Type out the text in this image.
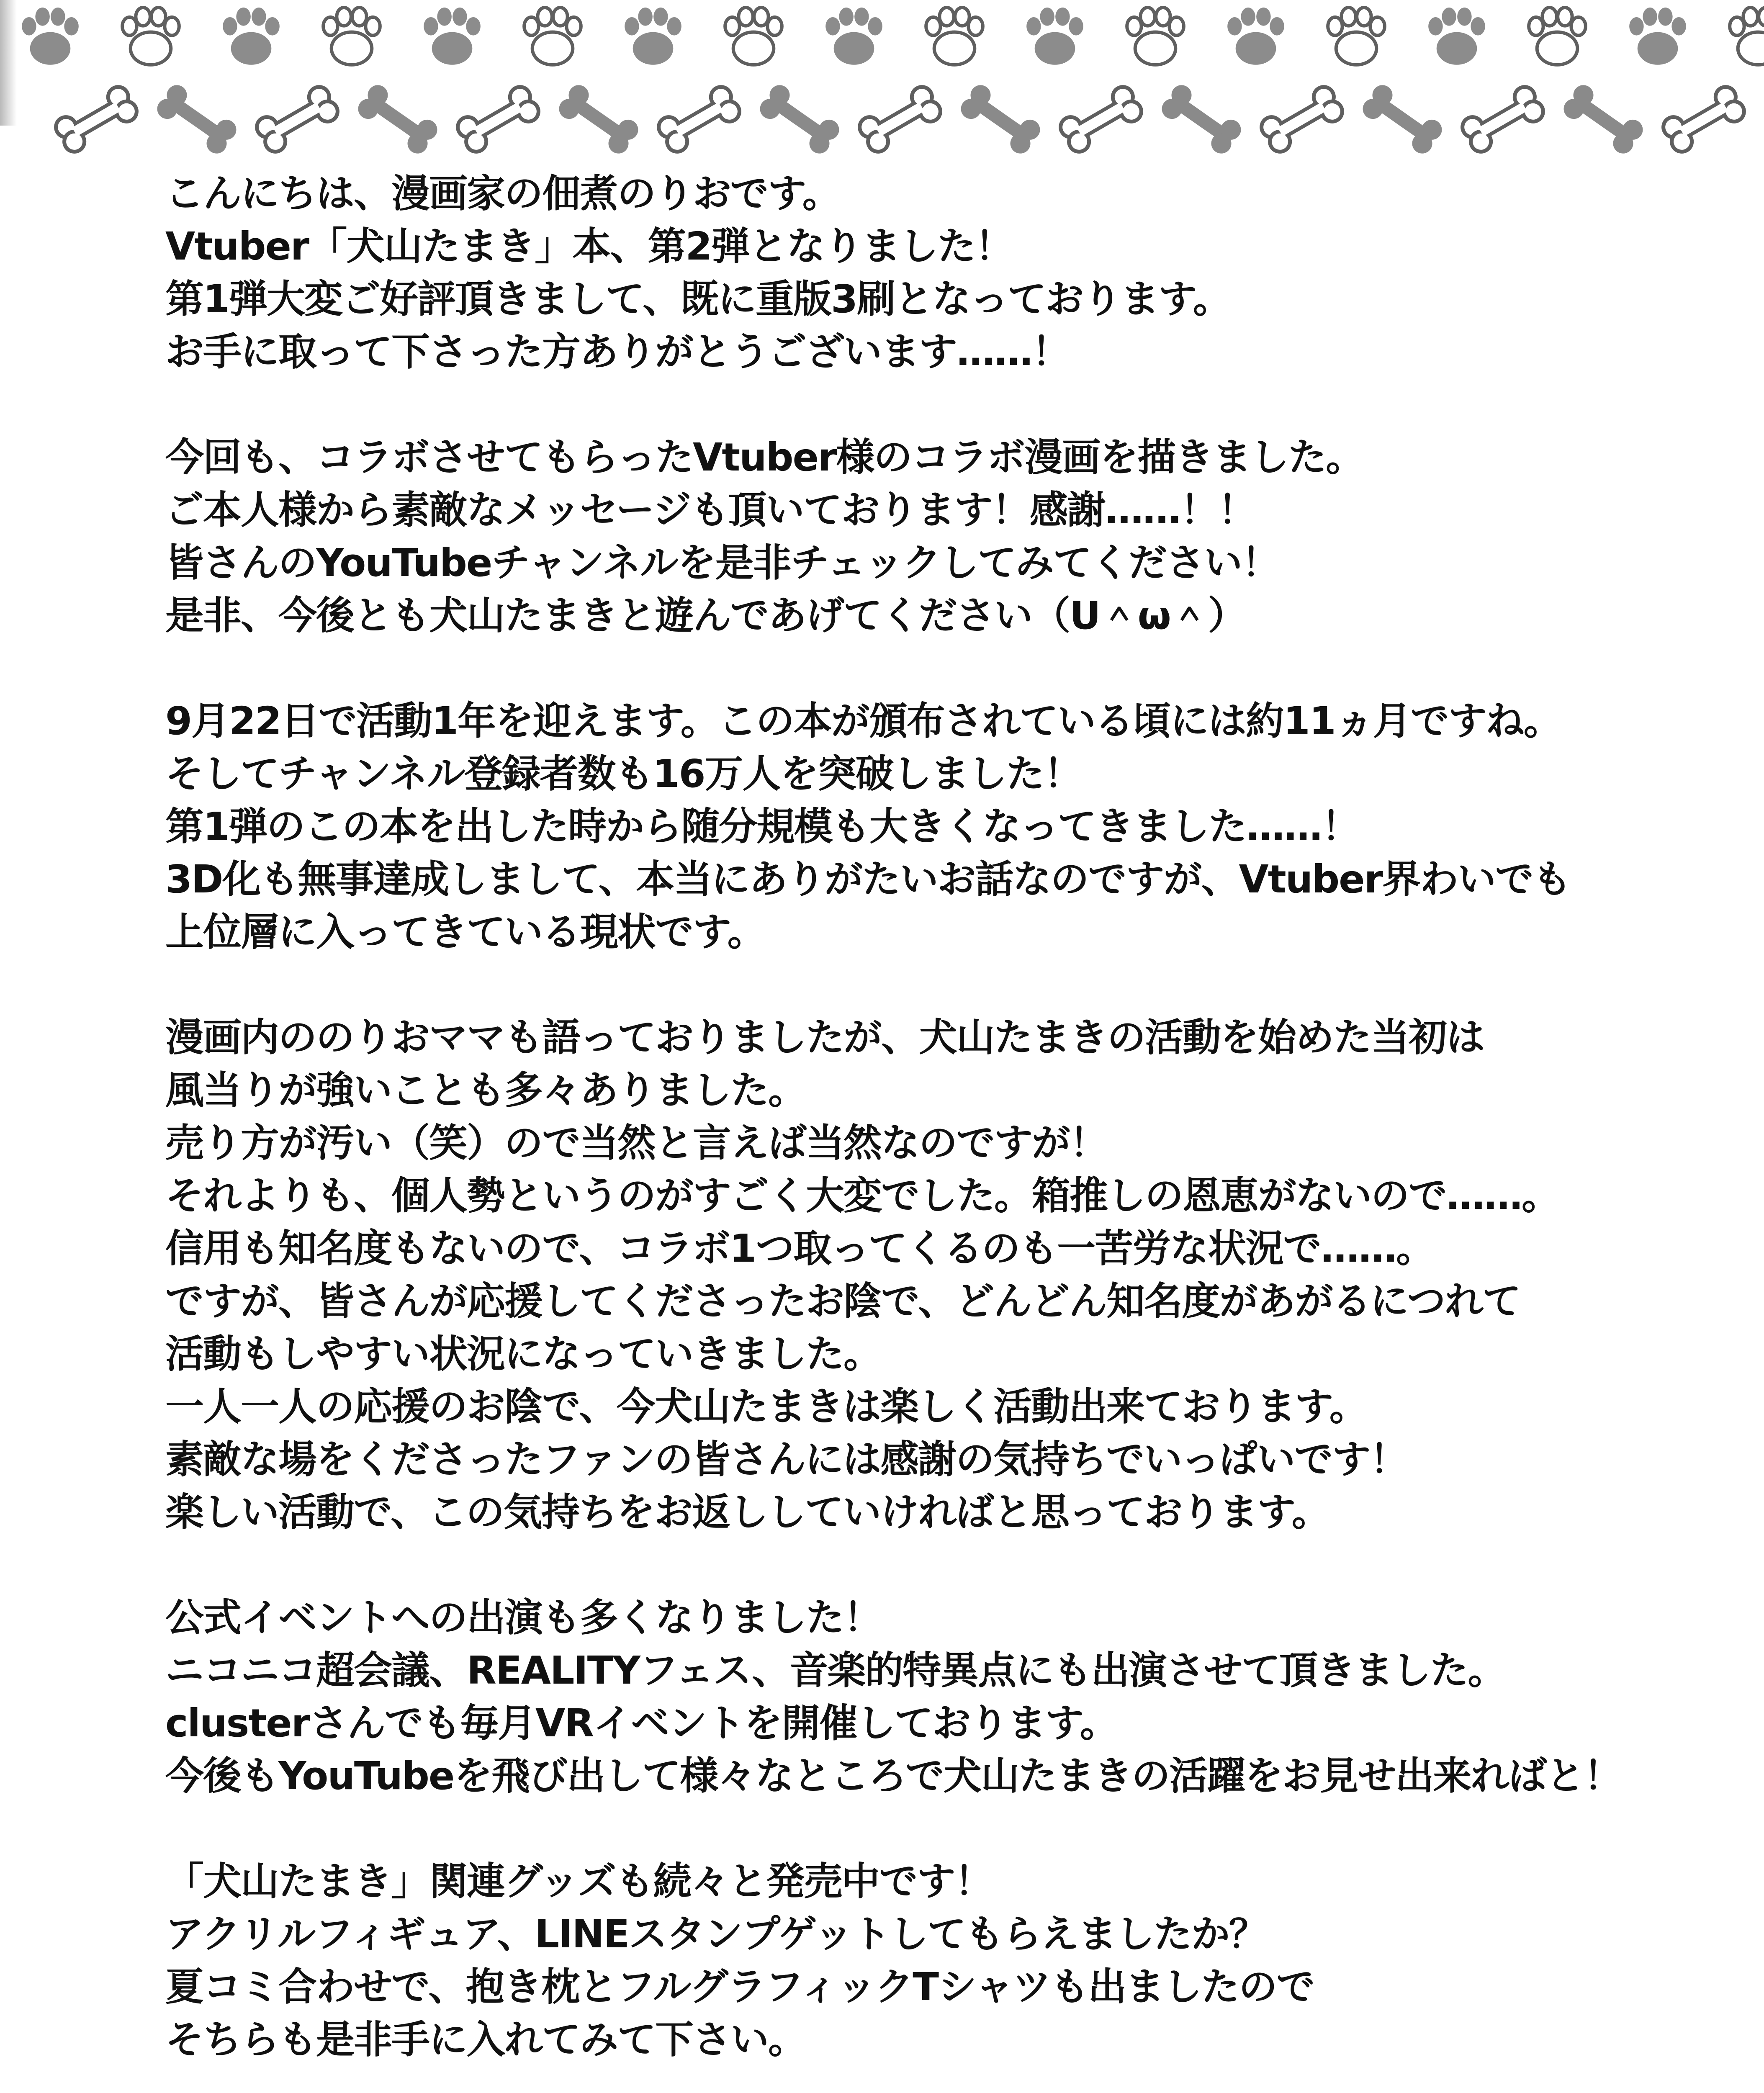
こんにちは、漫画家の佃煮のりおです。
Vtuber「犬山たまき」本、第2弾となりました！
第1弾大変ご好評頂きまして、既に重版3刷となっております。
お手に取って下さった方ありがとうございます……！
今回も、コラボさせてもらったVtuber様のコラボ漫画を描きました。
ご本人様から素敵なメッセージも頂いております！感謝……！！
皆さんのYouTubeチャンネルを是非チェックしてみてください！
是非、今後とも犬山たまきと遊んであげてください（U＾ω＾）
9月22日で活動1年を迎えます。この本が頒布されている頃には約11ヵ月ですね。
そしてチャンネル登録者数も16万人を突破しました！
第1弾のこの本を出した時から随分規模も大きくなってきました……！
3D化も無事達成しまして、本当にありがたいお話なのですが、Vtuber界わいでも
上位層に入ってきている現状です。
漫画内ののりおママも語っておりましたが、犬山たまきの活動を始めた当初は
風当りが強いことも多々ありました。
売り方が汚い（笑）ので当然と言えば当然なのですが！
それよりも、個人勢というのがすごく大変でした。箱推しの恩恵がないので……。
信用も知名度もないので、コラボ1つ取ってくるのも一苦労な状況で……。
ですが、皆さんが応援してくださったお陰で、どんどん知名度があがるにつれて
活動もしやすい状況になっていきました。
一人一人の応援のお陰で、今犬山たまきは楽しく活動出来ております。
素敵な場をくださったファンの皆さんには感謝の気持ちでいっぱいです！
楽しい活動で、この気持ちをお返ししていければと思っております。
公式イベントへの出演も多くなりました！
ニコニコ超会議、REALITYフェス、音楽的特異点にも出演させて頂きました。
clusterさんでも毎月VRイベントを開催しております。
今後もYouTubeを飛び出して様々なところで犬山たまきの活躍をお見せ出来ればと！
「犬山たまき」関連グッズも続々と発売中です！
アクリルフィギュア、LINEスタンプゲットしてもらえましたか？
夏コミ合わせで、抱き枕とフルグラフィックTシャツも出ましたので
そちらも是非手に入れてみて下さい。
